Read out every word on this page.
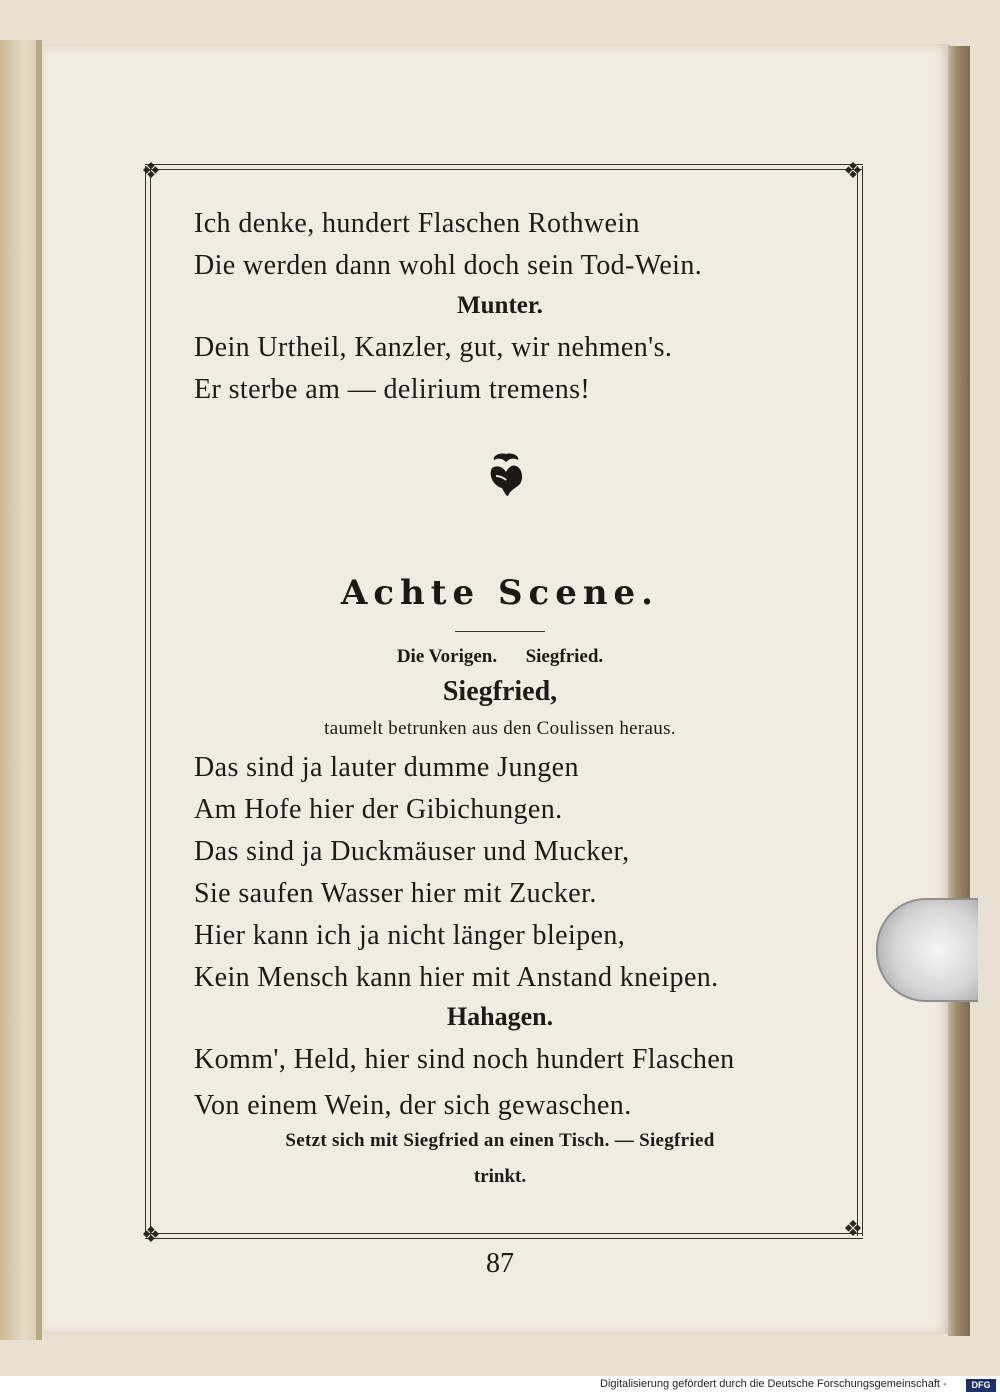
❖	❖
❖	❖
Ich denke, hundert Flaschen Rothwein
Die werden dann wohl doch sein Tod-Wein.
Munter.
Dein Urtheil, Kanzler, gut, wir nehmen's.
Er sterbe am — delirium tremens!
Achte Scene.
Die Vorigen.      Siegfried.
Siegfried,
taumelt betrunken aus den Coulissen heraus.
Das sind ja lauter dumme Jungen
Am Hofe hier der Gibichungen.
Das sind ja Duckmäuser und Mucker,
Sie saufen Wasser hier mit Zucker.
Hier kann ich ja nicht länger bleipen,
Kein Mensch kann hier mit Anstand kneipen.
Hahagen.
Komm', Held, hier sind noch hundert Flaschen
Von einem Wein, der sich gewaschen.
Setzt sich mit Siegfried an einen Tisch. — Siegfried
trinkt.
87
Digitalisierung gefördert durch die Deutsche Forschungsgemeinschaft -	DFG
